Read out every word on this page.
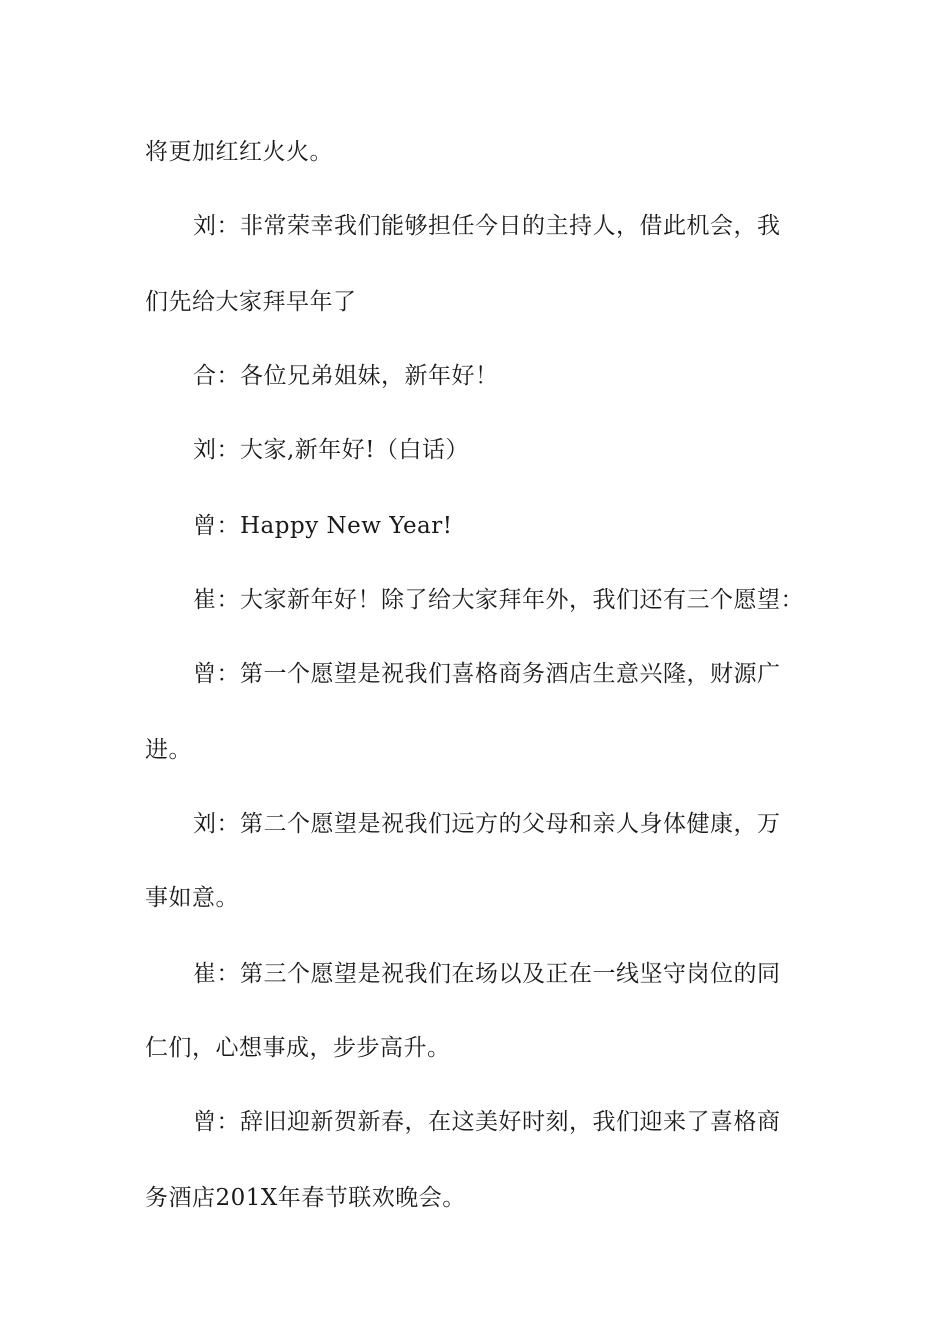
将更加红红火火。
刘：非常荣幸我们能够担任今日的主持人，借此机会，我
们先给大家拜早年了
合：各位兄弟姐妹，新年好！
刘：大家,新年好!（白话）
曾：Happy New Year!
崔：大家新年好！除了给大家拜年外，我们还有三个愿望：
曾：第一个愿望是祝我们喜格商务酒店生意兴隆，财源广
进。
刘：第二个愿望是祝我们远方的父母和亲人身体健康，万
事如意。
崔：第三个愿望是祝我们在场以及正在一线坚守岗位的同
仁们，心想事成，步步高升。
曾：辞旧迎新贺新春，在这美好时刻，我们迎来了喜格商
务酒店201X年春节联欢晚会。
